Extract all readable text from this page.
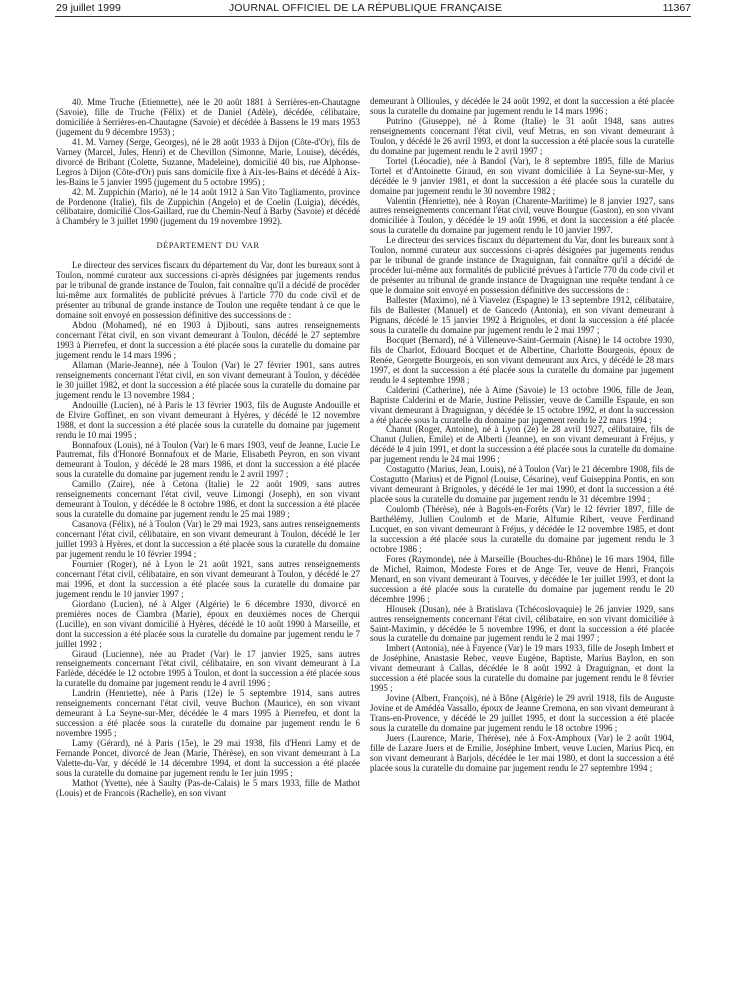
29 juillet 1999	JOURNAL OFFICIEL DE LA RÉPUBLIQUE FRANÇAISE	11367

40. Mme Truche (Etiennette), née le 20 août 1881 à Serrières-en-Chautagne (Savoie), fille de Truche (Félix) et de Daniel (Adèle), décédée, célibataire, domiciliée à Serrières-en-Chautagne (Savoie) et décédée à Bassens le 19 mars 1953 (jugement du 9 décembre 1953) ;

41. M. Varney (Serge, Georges), né le 28 août 1933 à Dijon (Côte-d'Or), fils de Varney (Marcel, Jules, Henri) et de Chevillon (Simonne, Marie, Louise), décédés, divorcé de Bribant (Colette, Suzanne, Madeleine), domicilié 40 bis, rue Alphonse-Legros à Dijon (Côte-d'Or) puis sans domicile fixe à Aix-les-Bains et décédé à Aix-les-Bains le 5 janvier 1995 (jugement du 5 octobre 1995) ;

42. M. Zuppichin (Mario), né le 14 août 1912 à San Vito Tagliamento, province de Pordenone (Italie), fils de Zuppichin (Angelo) et de Coelin (Luigia), décédés, célibataire, domicilié Clos-Gaillard, rue du Chemin-Neuf à Barby (Savoie) et décédé à Chambéry le 3 juillet 1990 (jugement du 19 novembre 1992).

DÉPARTEMENT DU VAR

Le directeur des services fiscaux du département du Var, dont les bureaux sont à Toulon, nommé curateur aux successions ci-après désignées par jugements rendus par le tribunal de grande instance de Toulon, fait connaître qu'il a décidé de procéder lui-même aux formalités de publicité prévues à l'article 770 du code civil et de présenter au tribunal de grande instance de Toulon une requête tendant à ce que le domaine soit envoyé en possession définitive des successions de :

Abdou (Mohamed), né en 1903 à Djibouti, sans autres renseignements concernant l'état civil, en son vivant demeurant à Toulon, décédé le 27 septembre 1993 à Pierrefeu, et dont la succession a été placée sous la curatelle du domaine par jugement rendu le 14 mars 1996 ;

Allaman (Marie-Jeanne), née à Toulon (Var) le 27 février 1901, sans autres renseignements concernant l'état civil, en son vivant demeurant à Toulon, y décédée le 30 juillet 1982, et dont la succession a été placée sous la curatelle du domaine par jugement rendu le 13 novembre 1984 ;

Andouille (Lucien), né à Paris le 13 février 1903, fils de Auguste Andouille et de Elvire Goffinet, en son vivant demeurant à Hyères, y décédé le 12 novembre 1988, et dont la succession a été placée sous la curatelle du domaine par jugement rendu le 10 mai 1995 ;

Bonnafoux (Louis), né à Toulon (Var) le 6 mars 1903, veuf de Jeanne, Lucie Le Pautremat, fils d'Honoré Bonnafoux et de Marie, Elisabeth Peyron, en son vivant demeurant à Toulon, y décédé le 28 mars 1986, et dont la succession a été placée sous la curatelle du domaine par jugement rendu le 2 avril 1997 ;

Camillo (Zaire), née à Cetona (Italie) le 22 août 1909, sans autres renseignements concernant l'état civil, veuve Limongi (Joseph), en son vivant demeurant à Toulon, y décédée le 8 octobre 1986, et dont la succession a été placée sous la curatelle du domaine par jugement rendu le 25 mai 1989 ;

Casanova (Félix), né à Toulon (Var) le 29 mai 1923, sans autres renseignements concernant l'état civil, célibataire, en son vivant demeurant à Toulon, décédé le 1er juillet 1993 à Hyères, et dont la succession a été placée sous la curatelle du domaine par jugement rendu le 10 février 1994 ;

Fournier (Roger), né à Lyon le 21 août 1921, sans autres renseignements concernant l'état civil, célibataire, en son vivant demeurant à Toulon, y décédé le 27 mai 1996, et dont la succession a été placée sous la curatelle du domaine par jugement rendu le 10 janvier 1997 ;

Giordano (Lucien), né à Alger (Algérie) le 6 décembre 1930, divorcé en premières noces de Ciambra (Marie), époux en deuxièmes noces de Cherqui (Lucille), en son vivant domicilié à Hyères, décédé le 10 août 1990 à Marseille, et dont la succession a été placée sous la curatelle du domaine par jugement rendu le 7 juillet 1992 ;

Giraud (Lucienne), née au Pradet (Var) le 17 janvier 1925, sans autres renseignements concernant l'état civil, célibataire, en son vivant demeurant à La Farlède, décédée le 12 octobre 1995 à Toulon, et dont la succession a été placée sous la curatelle du domaine par jugement rendu le 4 avril 1996 ;

Landrin (Henriette), née à Paris (12e) le 5 septembre 1914, sans autres renseignements concernant l'état civil, veuve Buchon (Maurice), en son vivant demeurant à La Seyne-sur-Mer, décédée le 4 mars 1995 à Pierrefeu, et dont la succession a été placée sous la curatelle du domaine par jugement rendu le 6 novembre 1995 ;

Lamy (Gérard), né à Paris (15e), le 29 mai 1938, fils d'Henri Lamy et de Fernande Poncet, divorcé de Jean (Marie, Thérèse), en son vivant demeurant à La Valette-du-Var, y décédé le 14 décembre 1994, et dont la succession a été placée sous la curatelle du domaine par jugement rendu le 1er juin 1995 ;

Mathot (Yvette), née à Saulty (Pas-de-Calais) le 5 mars 1933, fille de Mathot (Louis) et de Francois (Rachelle), en son vivant

demeurant à Ollioules, y décédée le 24 août 1992, et dont la succession a été placée sous la curatelle du domaine par jugement rendu le 14 mars 1996 ;

Putrino (Giuseppe), né à Rome (Italie) le 31 août 1948, sans autres renseignements concernant l'état civil, veuf Metras, en son vivant demeurant à Toulon, y décédé le 26 avril 1993, et dont la succession a été placée sous la curatelle du domaine par jugement rendu le 2 avril 1997 ;

Tortel (Léocadie), née à Bandol (Var), le 8 septembre 1895, fille de Marius Tortel et d'Antoinette Giraud, en son vivant domiciliée à La Seyne-sur-Mer, y décédée le 9 janvier 1981, et dont la succession a été placée sous la curatelle du domaine par jugement rendu le 30 novembre 1982 ;

Valentin (Henriette), née à Royan (Charente-Maritime) le 8 janvier 1927, sans autres renseignements concernant l'état civil, veuve Bourgue (Gaston), en son vivant domiciliée à Toulon, y décédée le 19 août 1996, et dont la succession a été placée sous la curatelle du domaine par jugement rendu le 10 janvier 1997.

Le directeur des services fiscaux du département du Var, dont les bureaux sont à Toulon, nommé curateur aux successions ci-après désignées par jugements rendus par le tribunal de grande instance de Draguignan, fait connaître qu'il a décidé de procéder lui-même aux formalités de publicité prévues à l'article 770 du code civil et de présenter au tribunal de grande instance de Draguignan une requête tendant à ce que le domaine soit envoyé en possession définitive des successions de :

Ballester (Maximo), né à Viavelez (Espagne) le 13 septembre 1912, célibataire, fils de Ballester (Manuel) et de Gancedo (Antonia), en son vivant demeurant à Pignans, décédé le 15 janvier 1992 à Brignoles, et dont la succession a été placée sous la curatelle du domaine par jugement rendu le 2 mai 1997 ;

Bocquet (Bernard), né à Villeneuve-Saint-Germain (Aisne) le 14 octobre 1930, fils de Charlot, Edouard Bocquet et de Albertine, Charlotte Bourgeois, époux de Renée, Georgette Bourgeois, en son vivant demeurant aux Arcs, y décédé le 28 mars 1997, et dont la succession a été placée sous la curatelle du domaine par jugement rendu le 4 septembre 1998 ;

Calderini (Catherine), née à Aime (Savoie) le 13 octobre 1906, fille de Jean, Baptiste Calderini et de Marie, Justine Pelissier, veuve de Camille Espaule, en son vivant demeurant à Draguignan, y décédée le 15 octobre 1992, et dont la succession a été placée sous la curatelle du domaine par jugement rendu le 22 mars 1994 ;

Chanut (Roger, Antoine), né à Lyon (2e) le 28 avril 1927, célibataire, fils de Chanut (Julien, Emile) et de Alberti (Jeanne), en son vivant demeurant à Fréjus, y décédé le 4 juin 1991, et dont la succession a été placée sous la curatelle du domaine par jugement rendu le 24 mai 1996 ;

Costagutto (Marius, Jean, Louis), né à Toulon (Var) le 21 décembre 1908, fils de Costagutto (Marius) et de Pignol (Louise, Césarine), veuf Guiseppina Pontis, en son vivant demeurant à Brignoles, y décédé le 1er mai 1990, et dont la succession a été placée sous la curatelle du domaine par jugement rendu le 31 décembre 1994 ;

Coulomb (Thérèse), née à Bagols-en-Forêts (Var) le 12 février 1897, fille de Barthélémy, Jullien Coulomb et de Marie, Alfumie Ribert, veuve Ferdinand Lucquet, en son vivant demeurant à Fréjus, y décédée le 12 novembre 1985, et dont la succession a été placée sous la curatelle du domaine par jugement rendu le 3 octobre 1986 ;

Fores (Raymonde), née à Marseille (Bouches-du-Rhône) le 16 mars 1904, fille de Michel, Raimon, Modeste Fores et de Ange Ter, veuve de Henri, François Menard, en son vivant demeurant à Tourves, y décédée le 1er juillet 1993, et dont la succession a été placée sous la curatelle du domaine par jugement rendu le 20 décembre 1996 ;

Hlousek (Dusan), née à Bratislava (Tchécoslovaquie) le 26 janvier 1929, sans autres renseignements concernant l'état civil, célibataire, en son vivant domiciliée à Saint-Maximin, y décédée le 5 novembre 1996, et dont la succession a été placée sous la curatelle du domaine par jugement rendu le 2 mai 1997 ;

Imbert (Antonia), née à Fayence (Var) le 19 mars 1933, fille de Joseph Imbert et de Joséphine, Anastasie Rebec, veuve Eugène, Baptiste, Marius Baylon, en son vivant demeurant à Callas, décédée le 8 août 1992 à Draguignan, et dont la succession a été placée sous la curatelle du domaine par jugement rendu le 8 février 1995 ;

Jovine (Albert, François), né à Bône (Algérie) le 29 avril 1918, fils de Auguste Jovine et de Amédéa Vassallo, époux de Jeanne Cremona, en son vivant demeurant à Trans-en-Provence, y décédé le 29 juillet 1995, et dont la succession a été placée sous la curatelle du domaine par jugement rendu le 18 octobre 1996 ;

Juers (Laurence, Marie, Thérèse), née à Fox-Amphoux (Var) le 2 août 1904, fille de Lazare Juers et de Emilie, Joséphine Imbert, veuve Lucien, Marius Picq, en son vivant demeurant à Barjols, décédée le 1er mai 1980, et dont la succession a été placée sous la curatelle du domaine par jugement rendu le 27 septembre 1994 ;
